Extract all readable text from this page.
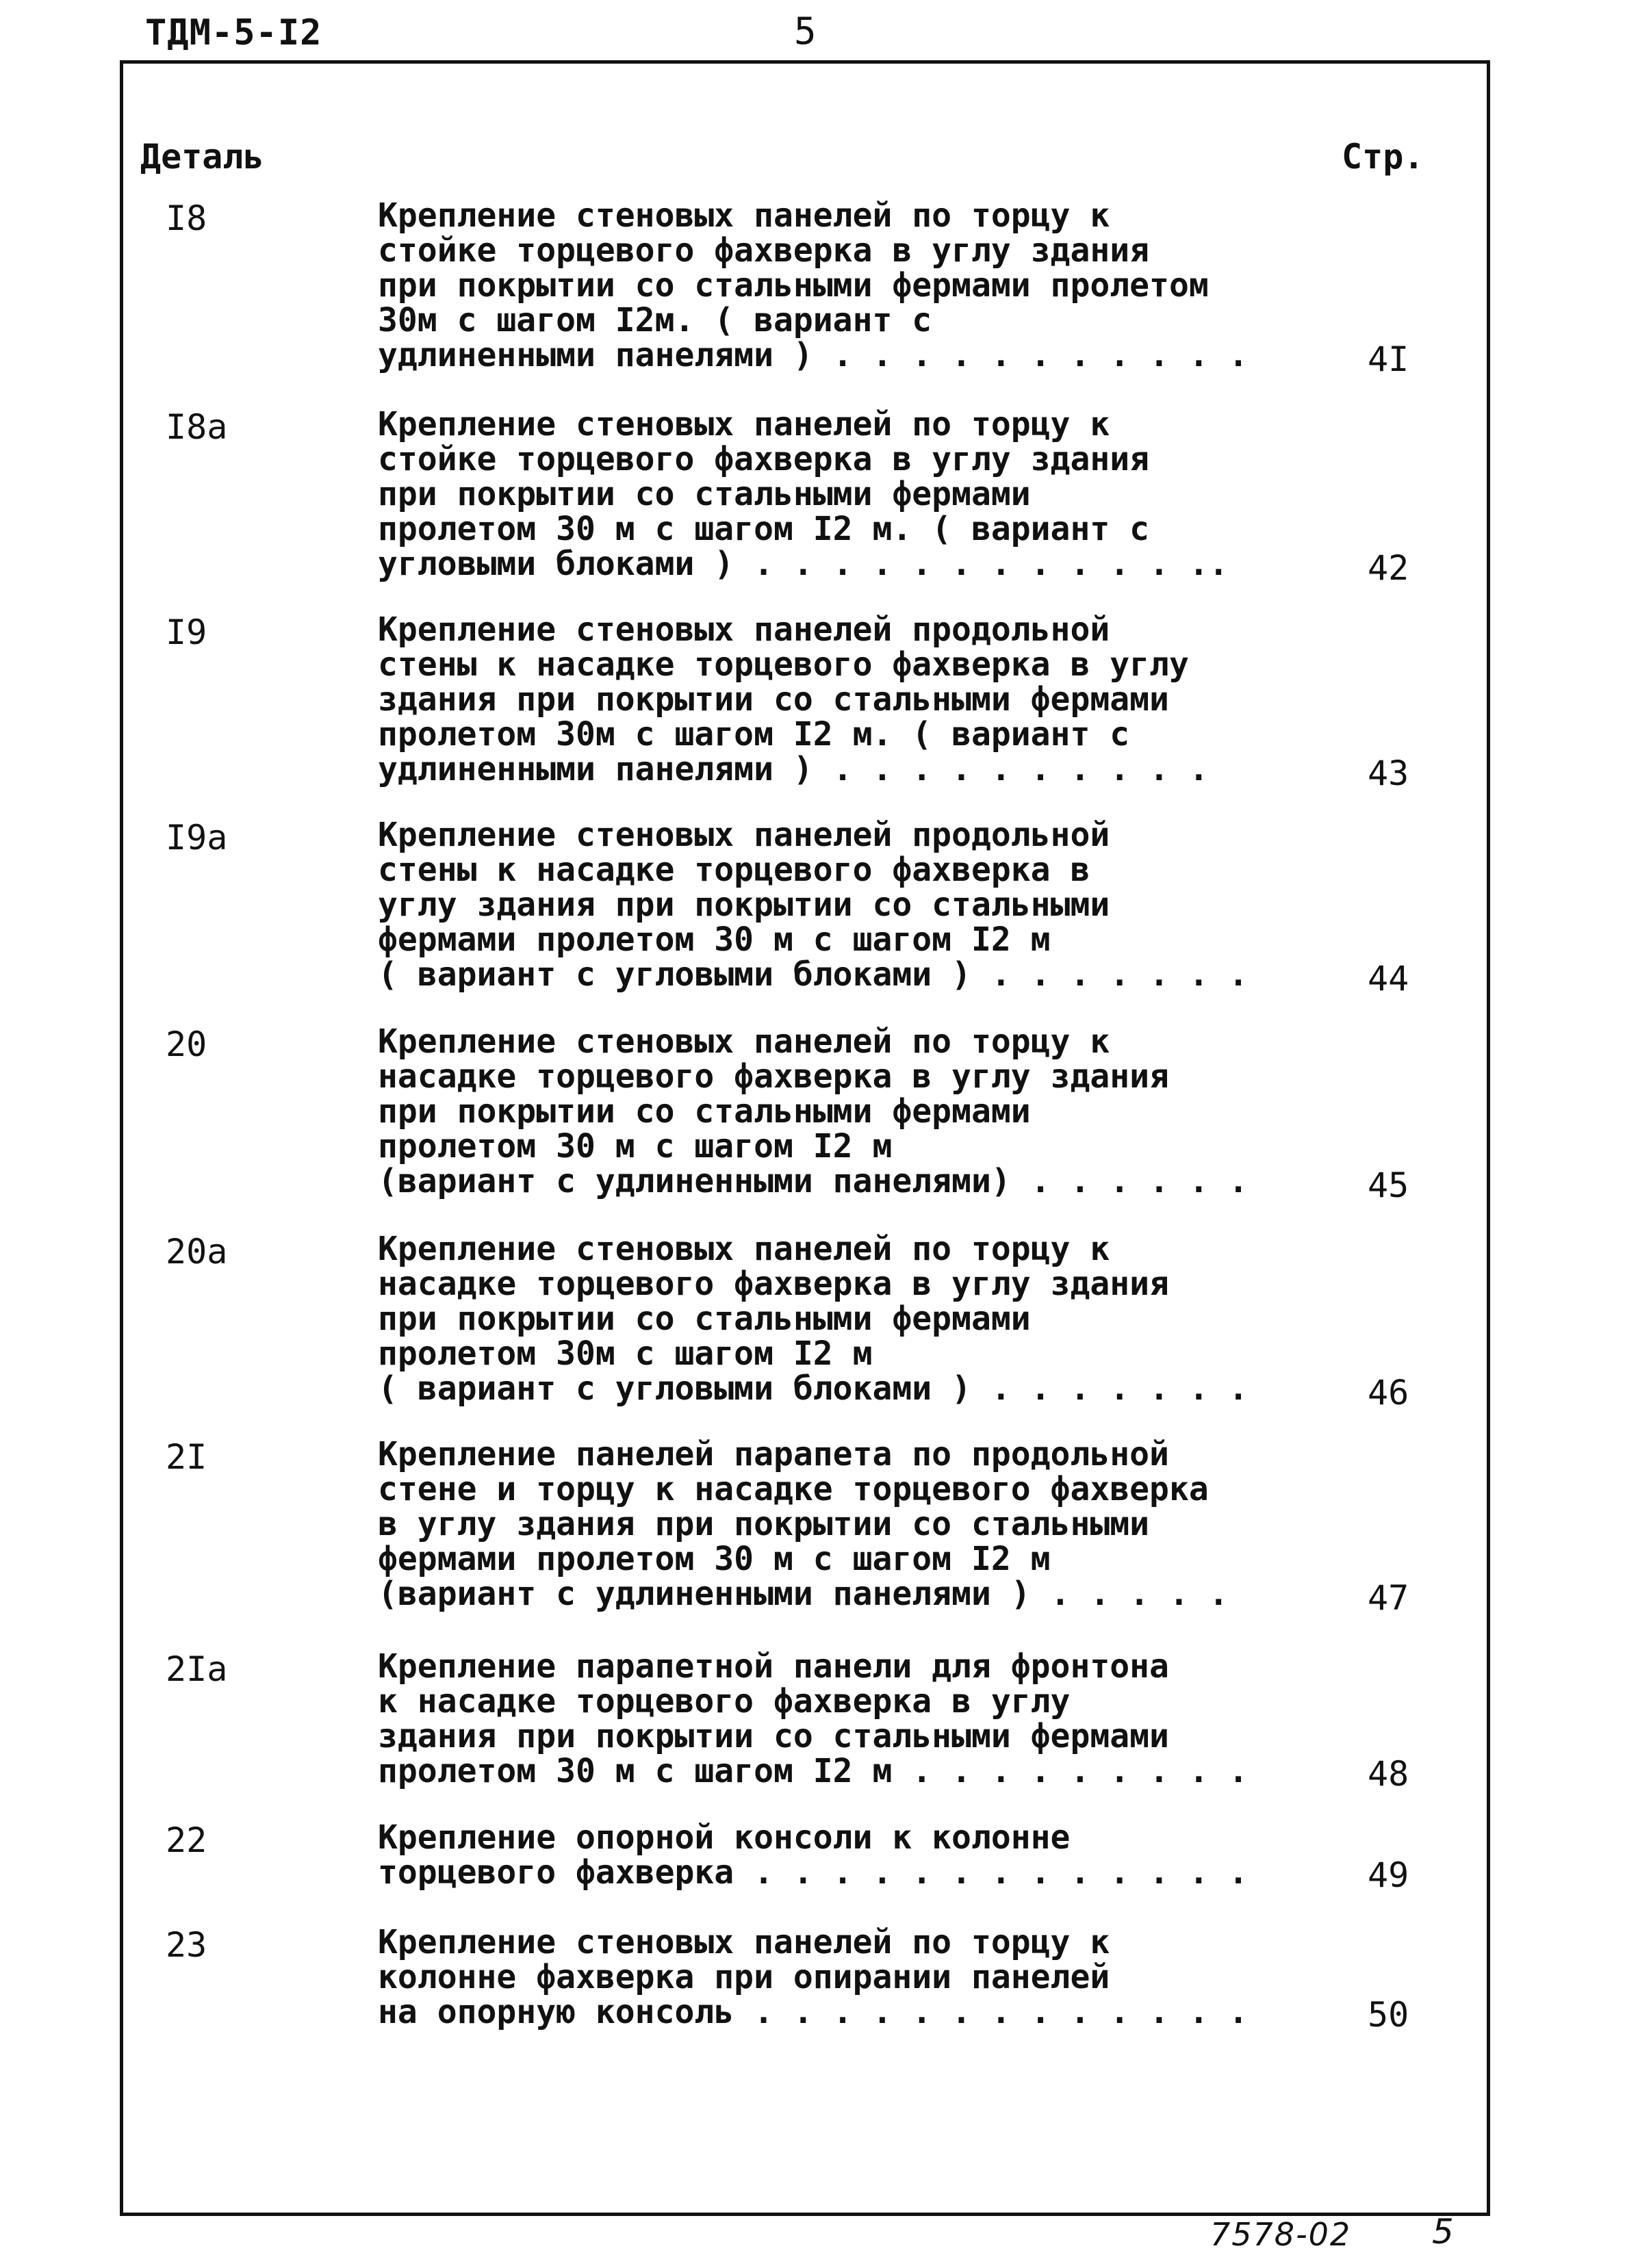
ТДМ-5-I2	5
Деталь	Стр.
I8	Крепление стеновых панелей по торцу к
стойке торцевого фахверка в углу здания
при покрытии со стальными фермами пролетом
30м с шагом I2м. ( вариант с
удлиненными панелями ) . . . . . . . . . . .	4I
I8а	Крепление стеновых панелей по торцу к
стойке торцевого фахверка в углу здания
при покрытии со стальными фермами
пролетом 30 м с шагом I2 м. ( вариант с
угловыми блоками ) . . . . . . . . . . . ..	42
I9	Крепление стеновых панелей продольной
стены к насадке торцевого фахверка в углу
здания при покрытии со стальными фермами
пролетом 30м с шагом I2 м. ( вариант с
удлиненными панелями ) . . . . . . . . . .	43
I9а	Крепление стеновых панелей продольной
стены к насадке торцевого фахверка в
углу здания при покрытии со стальными
фермами пролетом 30 м с шагом I2 м
( вариант с угловыми блоками ) . . . . . . .	44
20	Крепление стеновых панелей по торцу к
насадке торцевого фахверка в углу здания
при покрытии со стальными фермами
пролетом 30 м с шагом I2 м
(вариант с удлиненными панелями) . . . . . .	45
20а	Крепление стеновых панелей по торцу к
насадке торцевого фахверка в углу здания
при покрытии со стальными фермами
пролетом 30м с шагом I2 м
( вариант с угловыми блоками ) . . . . . . .	46
2I	Крепление панелей парапета по продольной
стене и торцу к насадке торцевого фахверка
в углу здания при покрытии со стальными
фермами пролетом 30 м с шагом I2 м
(вариант с удлиненными панелями ) . . . . .	47
2Iа	Крепление парапетной панели для фронтона
к насадке торцевого фахверка в углу
здания при покрытии со стальными фермами
пролетом 30 м с шагом I2 м . . . . . . . . .	48
22	Крепление опорной консоли к колонне
торцевого фахверка . . . . . . . . . . . . .	49
23	Крепление стеновых панелей по торцу к
колонне фахверка при опирании панелей
на опорную консоль . . . . . . . . . . . . .	50
7578-02 5
